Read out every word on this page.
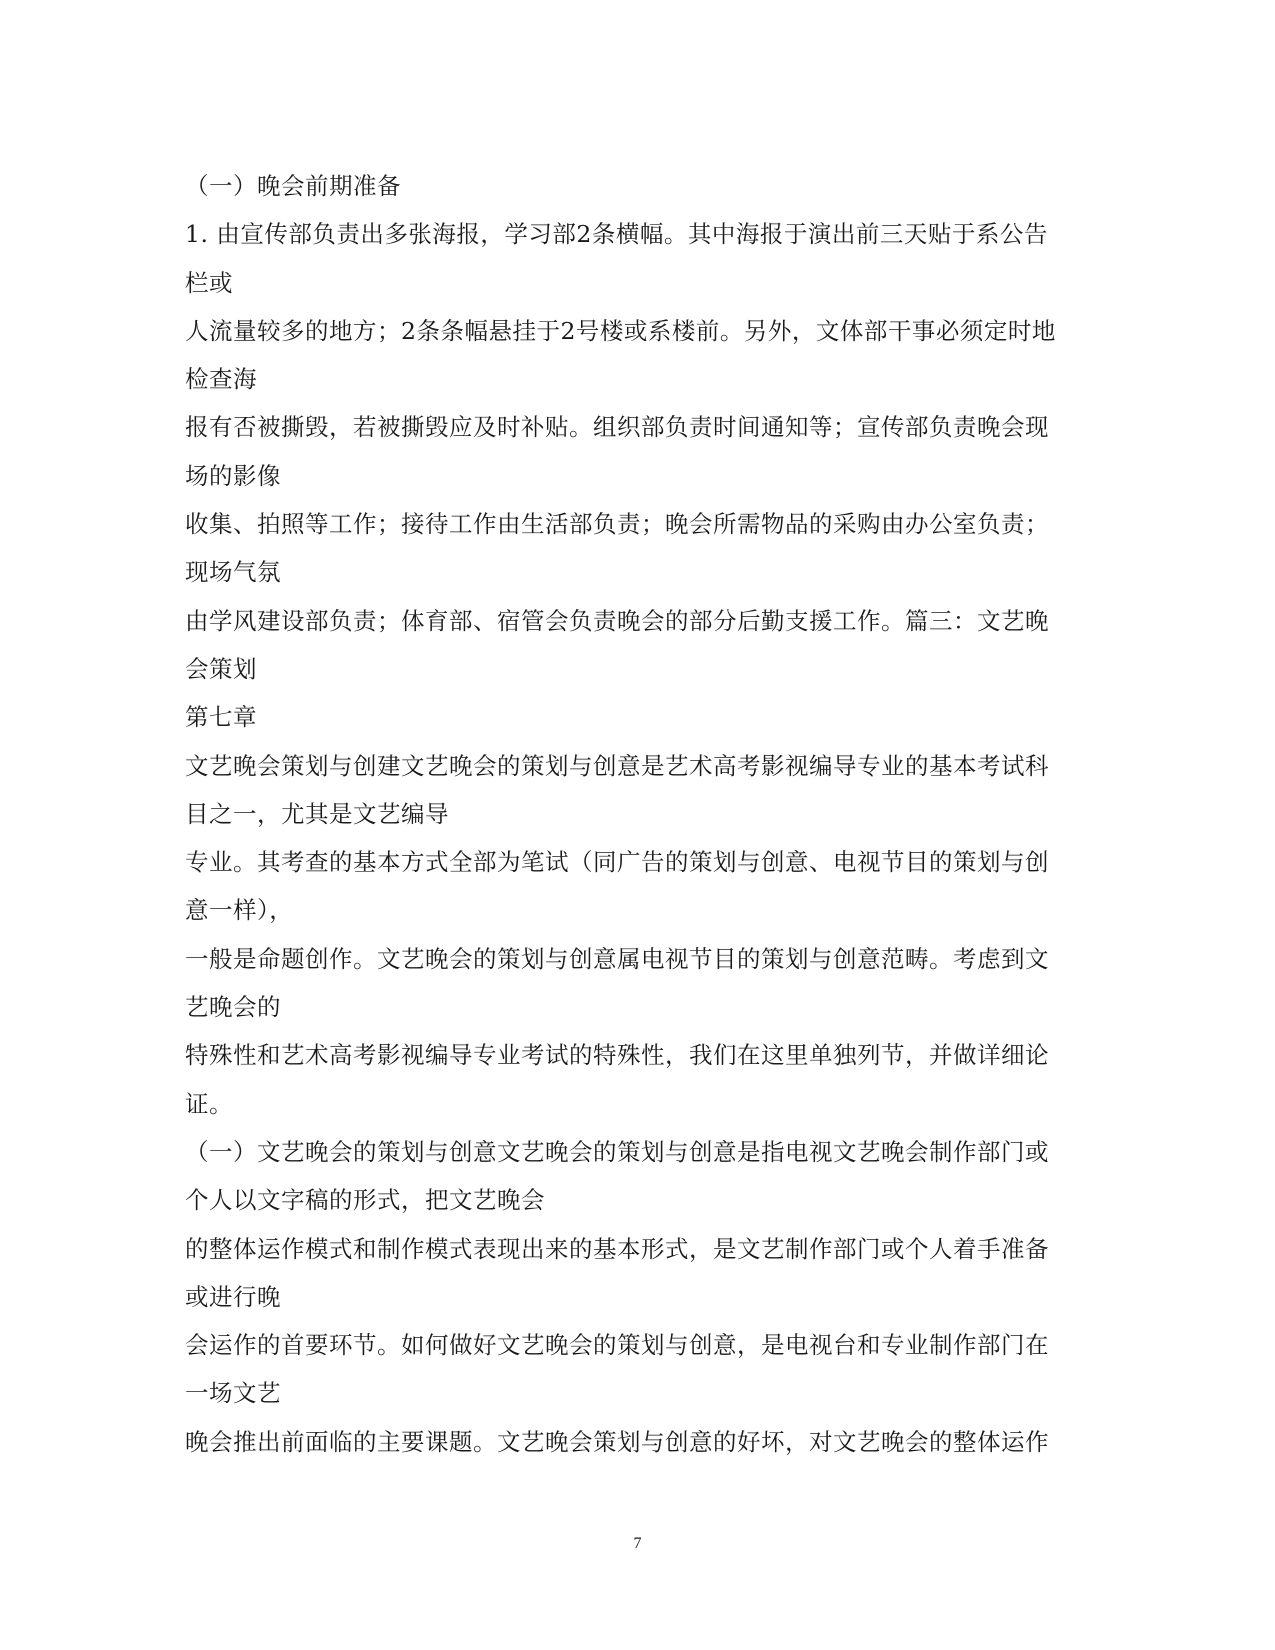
（一）晚会前期准备
1. 由宣传部负责出多张海报，学习部2条横幅。其中海报于演出前三天贴于系公告
栏或
人流量较多的地方；2条条幅悬挂于2号楼或系楼前。另外，文体部干事必须定时地
检查海
报有否被撕毁，若被撕毁应及时补贴。组织部负责时间通知等；宣传部负责晚会现
场的影像
收集、拍照等工作；接待工作由生活部负责；晚会所需物品的采购由办公室负责；
现场气氛
由学风建设部负责；体育部、宿管会负责晚会的部分后勤支援工作。篇三：文艺晚
会策划
第七章
文艺晚会策划与创建文艺晚会的策划与创意是艺术高考影视编导专业的基本考试科
目之一，尤其是文艺编导
专业。其考查的基本方式全部为笔试（同广告的策划与创意、电视节目的策划与创
意一样），
一般是命题创作。文艺晚会的策划与创意属电视节目的策划与创意范畴。考虑到文
艺晚会的
特殊性和艺术高考影视编导专业考试的特殊性，我们在这里单独列节，并做详细论
证。
（一）文艺晚会的策划与创意文艺晚会的策划与创意是指电视文艺晚会制作部门或
个人以文字稿的形式，把文艺晚会
的整体运作模式和制作模式表现出来的基本形式，是文艺制作部门或个人着手准备
或进行晚
会运作的首要环节。如何做好文艺晚会的策划与创意，是电视台和专业制作部门在
一场文艺
晚会推出前面临的主要课题。文艺晚会策划与创意的好坏，对文艺晚会的整体运作
7
